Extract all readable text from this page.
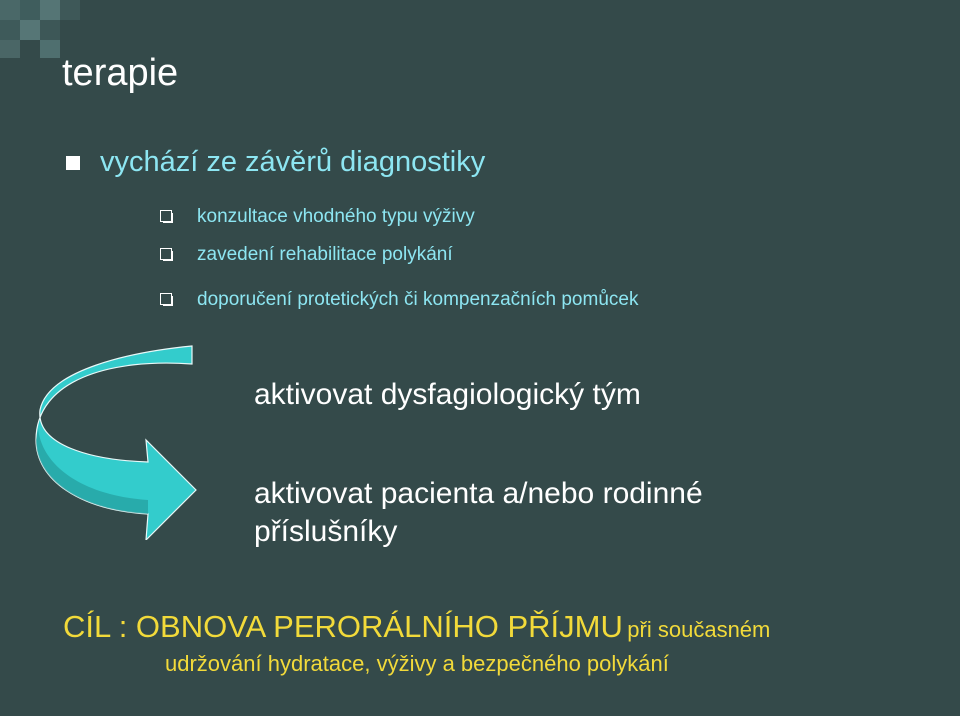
terapie
vychází ze závěrů diagnostiky
konzultace vhodného typu výživy
zavedení rehabilitace polykání
doporučení protetických či kompenzačních pomůcek
aktivovat dysfagiologický tým
aktivovat pacienta a/nebo rodinné
příslušníky
CÍL : OBNOVA PERORÁLNÍHO PŘÍJMU při současném
udržování hydratace, výživy a bezpečného polykání
